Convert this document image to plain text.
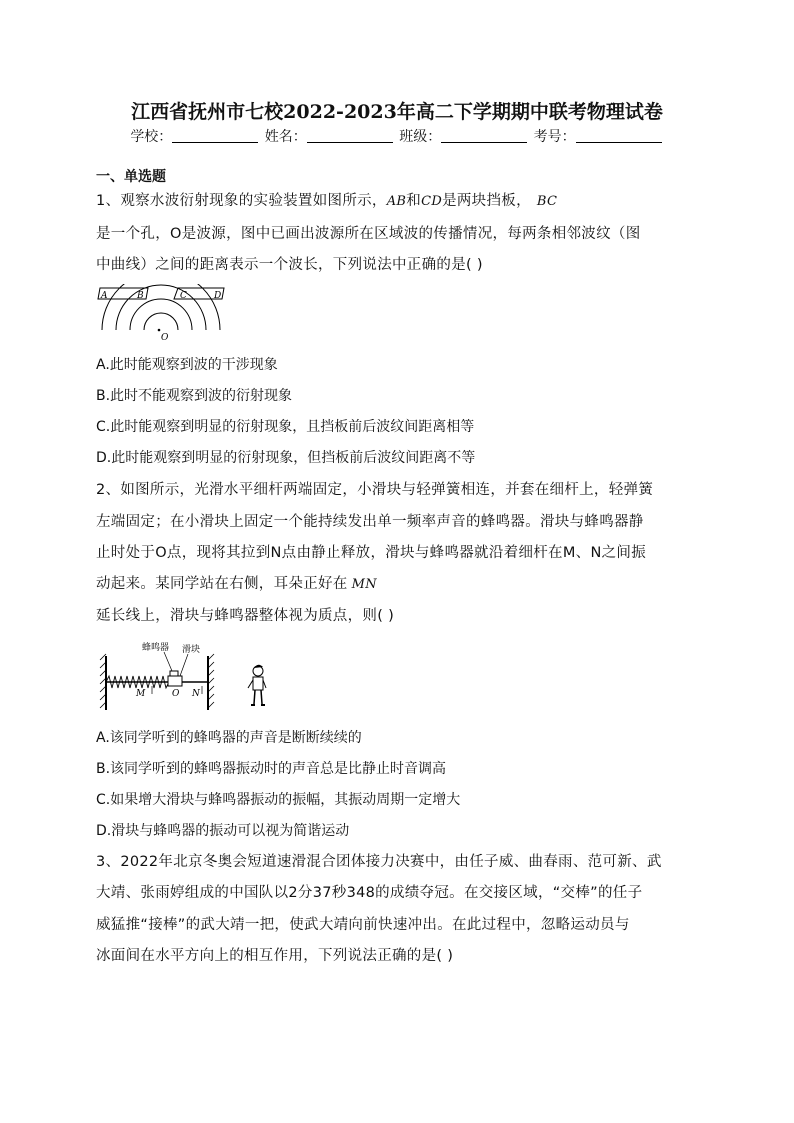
江西省抚州市七校2022-2023年高二下学期期中联考物理试卷
学校：	姓名：	班级：	考号：
一、单选题
1、观察水波衍射现象的实验装置如图所示，AB和CD是两块挡板， BC
是一个孔，O是波源，图中已画出波源所在区域波的传播情况，每两条相邻波纹（图
中曲线）之间的距离表示一个波长，下列说法中正确的是( )
A	B	C	D
O
A.此时能观察到波的干涉现象
B.此时不能观察到波的衍射现象
C.此时能观察到明显的衍射现象，且挡板前后波纹间距离相等
D.此时能观察到明显的衍射现象，但挡板前后波纹间距离不等
2、如图所示，光滑水平细杆两端固定，小滑块与轻弹簧相连，并套在细杆上，轻弹簧
左端固定；在小滑块上固定一个能持续发出单一频率声音的蜂鸣器。滑块与蜂鸣器静
止时处于O点，现将其拉到N点由静止释放，滑块与蜂鸣器就沿着细杆在M、N之间振
动起来。某同学站在右侧，耳朵正好在 MN
延长线上，滑块与蜂鸣器整体视为质点，则( )
蜂鸣器 滑块
M	O N
A.该同学听到的蜂鸣器的声音是断断续续的
B.该同学听到的蜂鸣器振动时的声音总是比静止时音调高
C.如果增大滑块与蜂鸣器振动的振幅，其振动周期一定增大
D.滑块与蜂鸣器的振动可以视为简谐运动
3、2022年北京冬奥会短道速滑混合团体接力决赛中，由任子威、曲春雨、范可新、武
大靖、张雨婷组成的中国队以2分37秒348的成绩夺冠。在交接区域，“交棒”的任子
威猛推“接棒”的武大靖一把，使武大靖向前快速冲出。在此过程中，忽略运动员与
冰面间在水平方向上的相互作用，下列说法正确的是( )
